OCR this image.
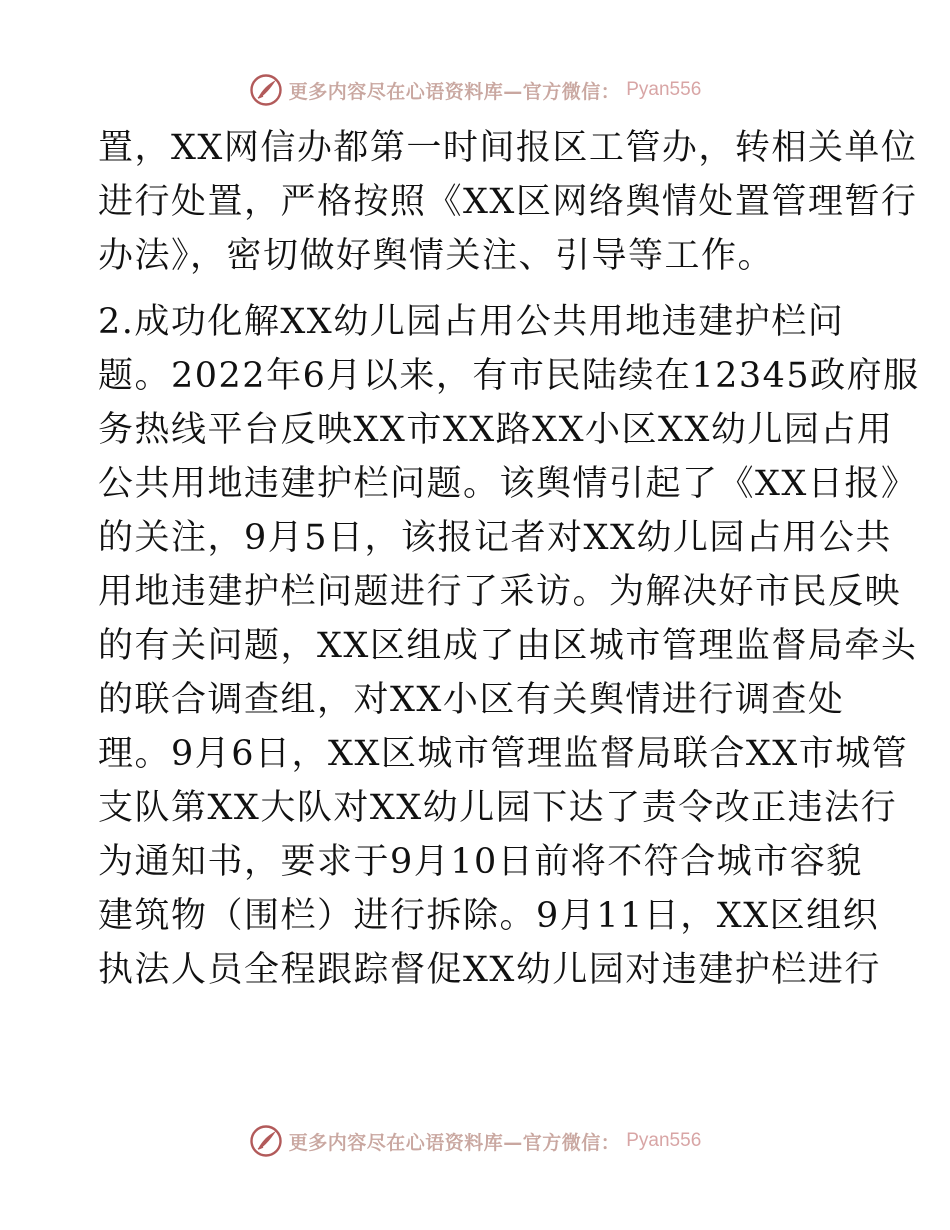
更多内容尽在心语资料库—官方微信： Pyan556
置，XX网信办都第一时间报区工管办，转相关单位
进行处置，严格按照《XX区网络舆情处置管理暂行
办法》，密切做好舆情关注、引导等工作。
2.成功化解XX幼儿园占用公共用地违建护栏问
题。2022年6月以来，有市民陆续在12345政府服
务热线平台反映XX市XX路XX小区XX幼儿园占用
公共用地违建护栏问题。该舆情引起了《XX日报》
的关注，9月5日，该报记者对XX幼儿园占用公共
用地违建护栏问题进行了采访。为解决好市民反映
的有关问题，XX区组成了由区城市管理监督局牵头
的联合调查组，对XX小区有关舆情进行调查处
理。9月6日，XX区城市管理监督局联合XX市城管
支队第XX大队对XX幼儿园下达了责令改正违法行
为通知书，要求于9月10日前将不符合城市容貌
建筑物（围栏）进行拆除。9月11日，XX区组织
执法人员全程跟踪督促XX幼儿园对违建护栏进行
更多内容尽在心语资料库—官方微信： Pyan556
